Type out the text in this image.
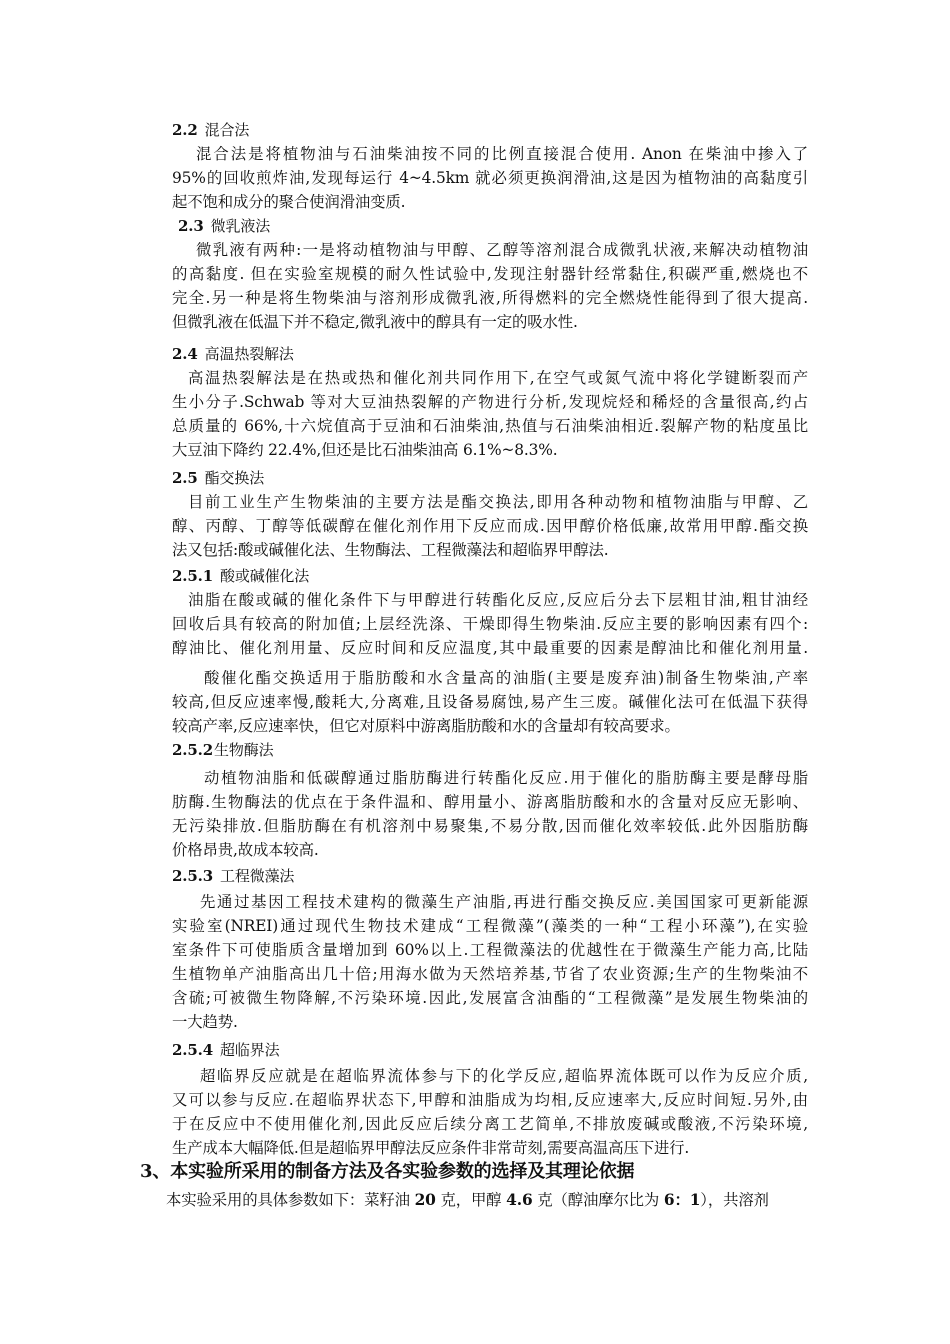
2.2 混合法
混合法是将植物油与石油柴油按不同的比例直接混合使用. Anon 在柴油中掺入了
95%的回收煎炸油,发现每运行 4~4.5km 就必须更换润滑油,这是因为植物油的高黏度引
起不饱和成分的聚合使润滑油变质.
2.3 微乳液法
微乳液有两种:一是将动植物油与甲醇、乙醇等溶剂混合成微乳状液,来解决动植物油
的高黏度. 但在实验室规模的耐久性试验中,发现注射器针经常黏住,积碳严重,燃烧也不
完全.另一种是将生物柴油与溶剂形成微乳液,所得燃料的完全燃烧性能得到了很大提高.
但微乳液在低温下并不稳定,微乳液中的醇具有一定的吸水性.
2.4 高温热裂解法
高温热裂解法是在热或热和催化剂共同作用下,在空气或氮气流中将化学键断裂而产
生小分子.Schwab 等对大豆油热裂解的产物进行分析,发现烷烃和稀烃的含量很高,约占
总质量的 66%,十六烷值高于豆油和石油柴油,热值与石油柴油相近.裂解产物的粘度虽比
大豆油下降约 22.4%,但还是比石油柴油高 6.1%~8.3%.
2.5 酯交换法
目前工业生产生物柴油的主要方法是酯交换法,即用各种动物和植物油脂与甲醇、乙
醇、丙醇、丁醇等低碳醇在催化剂作用下反应而成.因甲醇价格低廉,故常用甲醇.酯交换
法又包括:酸或碱催化法、生物酶法、工程微藻法和超临界甲醇法.
2.5.1 酸或碱催化法
油脂在酸或碱的催化条件下与甲醇进行转酯化反应,反应后分去下层粗甘油,粗甘油经
回收后具有较高的附加值;上层经洗涤、干燥即得生物柴油.反应主要的影响因素有四个:
醇油比、催化剂用量、反应时间和反应温度,其中最重要的因素是醇油比和催化剂用量.
酸催化酯交换适用于脂肪酸和水含量高的油脂(主要是废弃油)制备生物柴油,产率
较高,但反应速率慢,酸耗大,分离难,且设备易腐蚀,易产生三废。碱催化法可在低温下获得
较高产率,反应速率快，但它对原料中游离脂肪酸和水的含量却有较高要求。
2.5.2生物酶法
动植物油脂和低碳醇通过脂肪酶进行转酯化反应.用于催化的脂肪酶主要是酵母脂
肪酶.生物酶法的优点在于条件温和、醇用量小、游离脂肪酸和水的含量对反应无影响、
无污染排放.但脂肪酶在有机溶剂中易聚集,不易分散,因而催化效率较低.此外因脂肪酶
价格昂贵,故成本较高.
2.5.3 工程微藻法
先通过基因工程技术建构的微藻生产油脂,再进行酯交换反应.美国国家可更新能源
实验室(NREI)通过现代生物技术建成“工程微藻”(藻类的一种“工程小环藻”),在实验
室条件下可使脂质含量增加到 60%以上.工程微藻法的优越性在于微藻生产能力高,比陆
生植物单产油脂高出几十倍;用海水做为天然培养基,节省了农业资源;生产的生物柴油不
含硫;可被微生物降解,不污染环境.因此,发展富含油酯的“工程微藻”是发展生物柴油的
一大趋势.
2.5.4 超临界法
超临界反应就是在超临界流体参与下的化学反应,超临界流体既可以作为反应介质,
又可以参与反应.在超临界状态下,甲醇和油脂成为均相,反应速率大,反应时间短.另外,由
于在反应中不使用催化剂,因此反应后续分离工艺简单,不排放废碱或酸液,不污染环境,
生产成本大幅降低.但是超临界甲醇法反应条件非常苛刻,需要高温高压下进行.
3、本实验所采用的制备方法及各实验参数的选择及其理论依据
本实验采用的具体参数如下：菜籽油 20 克，甲醇 4.6 克（醇油摩尔比为 6：1），共溶剂
